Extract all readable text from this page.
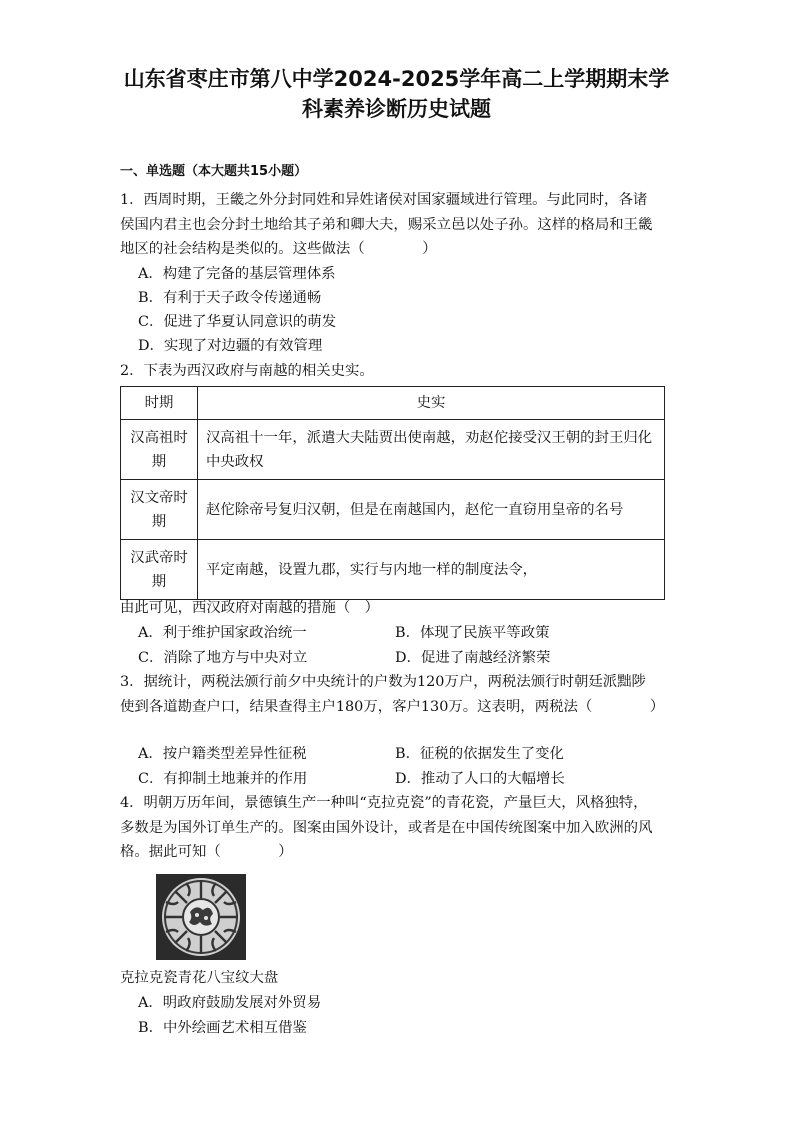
山东省枣庄市第八中学2024-2025学年高二上学期期末学
科素养诊断历史试题
一、单选题（本大题共15小题）
1．西周时期，王畿之外分封同姓和异姓诸侯对国家疆域进行管理。与此同时，各诸侯国内君主也会分封土地给其子弟和卿大夫，赐采立邑以处子孙。这样的格局和王畿地区的社会结构是类似的。这些做法（　　　　）
A．构建了完备的基层管理体系
B．有利于天子政令传递通畅
C．促进了华夏认同意识的萌发
D．实现了对边疆的有效管理
2．下表为西汉政府与南越的相关史实。
时期	史实
汉高祖时期	汉高祖十一年，派遣大夫陆贾出使南越，劝赵佗接受汉王朝的封王归化中央政权
汉文帝时期	赵佗除帝号复归汉朝，但是在南越国内，赵佗一直窃用皇帝的名号
汉武帝时期	平定南越，设置九郡，实行与内地一样的制度法令，
由此可见，西汉政府对南越的措施（　）
A．利于维护国家政治统一	B．体现了民族平等政策
C．消除了地方与中央对立	D．促进了南越经济繁荣
3．据统计，两税法颁行前夕中央统计的户数为120万户，两税法颁行时朝廷派黜陟使到各道勘查户口，结果查得主户180万，客户130万。这表明，两税法（　　　　）
A．按户籍类型差异性征税	B．征税的依据发生了变化
C．有抑制土地兼并的作用	D．推动了人口的大幅增长
4．明朝万历年间，景德镇生产一种叫“克拉克瓷”的青花瓷，产量巨大，风格独特，多数是为国外订单生产的。图案由国外设计，或者是在中国传统图案中加入欧洲的风格。据此可知（　　　　）
克拉克瓷青花八宝纹大盘
A．明政府鼓励发展对外贸易
B．中外绘画艺术相互借鉴
